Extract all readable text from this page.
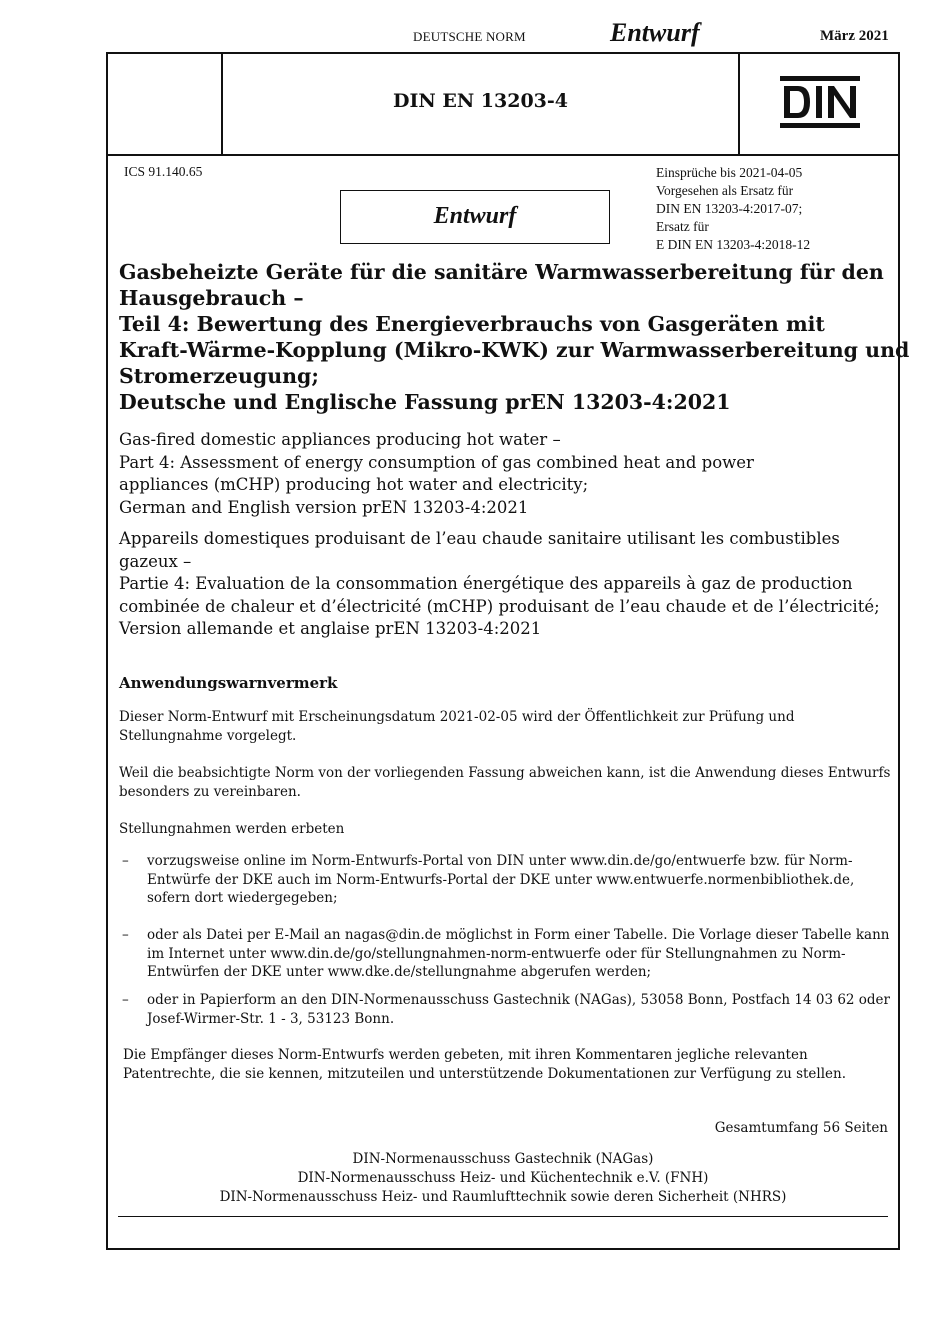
DEUTSCHE NORM	Entwurf	März 2021
DIN EN 13203-4
ICS 91.140.65
Entwurf
Einsprüche bis 2021-04-05
Vorgesehen als Ersatz für
DIN EN 13203-4:2017-07;
Ersatz für
E DIN EN 13203-4:2018-12
Gasbeheizte Geräte für die sanitäre Warmwasserbereitung für den
Hausgebrauch –
Teil 4: Bewertung des Energieverbrauchs von Gasgeräten mit
Kraft-Wärme-Kopplung (Mikro-KWK) zur Warmwasserbereitung und
Stromerzeugung;
Deutsche und Englische Fassung prEN 13203-4:2021
Gas-fired domestic appliances producing hot water –
Part 4: Assessment of energy consumption of gas combined heat and power
appliances (mCHP) producing hot water and electricity;
German and English version prEN 13203-4:2021
Appareils domestiques produisant de l’eau chaude sanitaire utilisant les combustibles
gazeux –
Partie 4: Evaluation de la consommation énergétique des appareils à gaz de production
combinée de chaleur et d’électricité (mCHP) produisant de l’eau chaude et de l’électricité;
Version allemande et anglaise prEN 13203-4:2021
Anwendungswarnvermerk
Dieser Norm-Entwurf mit Erscheinungsdatum 2021-02-05 wird der Öffentlichkeit zur Prüfung und
Stellungnahme vorgelegt.
Weil die beabsichtigte Norm von der vorliegenden Fassung abweichen kann, ist die Anwendung dieses Entwurfs
besonders zu vereinbaren.
Stellungnahmen werden erbeten
– vorzugsweise online im Norm-Entwurfs-Portal von DIN unter www.din.de/go/entwuerfe bzw. für Norm-
Entwürfe der DKE auch im Norm-Entwurfs-Portal der DKE unter www.entwuerfe.normenbibliothek.de,
sofern dort wiedergegeben;
– oder als Datei per E-Mail an nagas@din.de möglichst in Form einer Tabelle. Die Vorlage dieser Tabelle kann
im Internet unter www.din.de/go/stellungnahmen-norm-entwuerfe oder für Stellungnahmen zu Norm-
Entwürfen der DKE unter www.dke.de/stellungnahme abgerufen werden;
– oder in Papierform an den DIN-Normenausschuss Gastechnik (NAGas), 53058 Bonn, Postfach 14 03 62 oder
Josef-Wirmer-Str. 1 - 3, 53123 Bonn.
Die Empfänger dieses Norm-Entwurfs werden gebeten, mit ihren Kommentaren jegliche relevanten
Patentrechte, die sie kennen, mitzuteilen und unterstützende Dokumentationen zur Verfügung zu stellen.
Gesamtumfang 56 Seiten
DIN-Normenausschuss Gastechnik (NAGas)
DIN-Normenausschuss Heiz- und Küchentechnik e.V. (FNH)
DIN-Normenausschuss Heiz- und Raumlufttechnik sowie deren Sicherheit (NHRS)
